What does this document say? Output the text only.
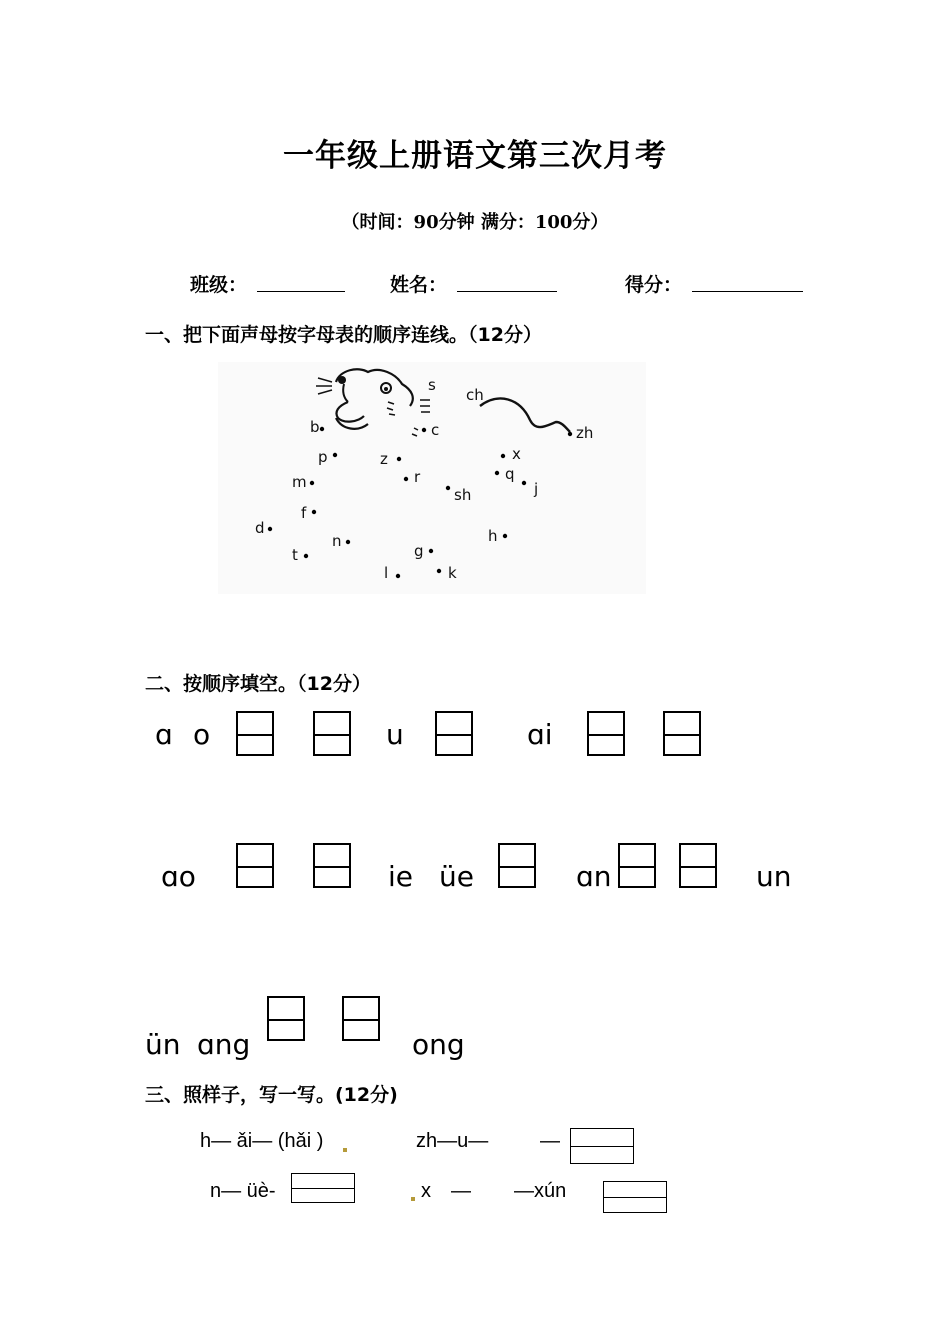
一年级上册语文第三次月考
（时间：90分钟 满分：100分）
班级：	姓名：	得分：
一、把下面声母按字母表的顺序连线。（12分）
s
ch
zh
b	c
p	z	x
m	r	q
j
sh
f
d
n	h
t	g
l	k
二、按顺序填空。（12分）
ɑ o	u	ɑi
ɑo	ie üe	ɑn	un
ün ɑng	ong
三、照样子，写一写。(12分)
h— ǎi— (hǎi )	zh—u—	—
n— üè-	x — —xún
